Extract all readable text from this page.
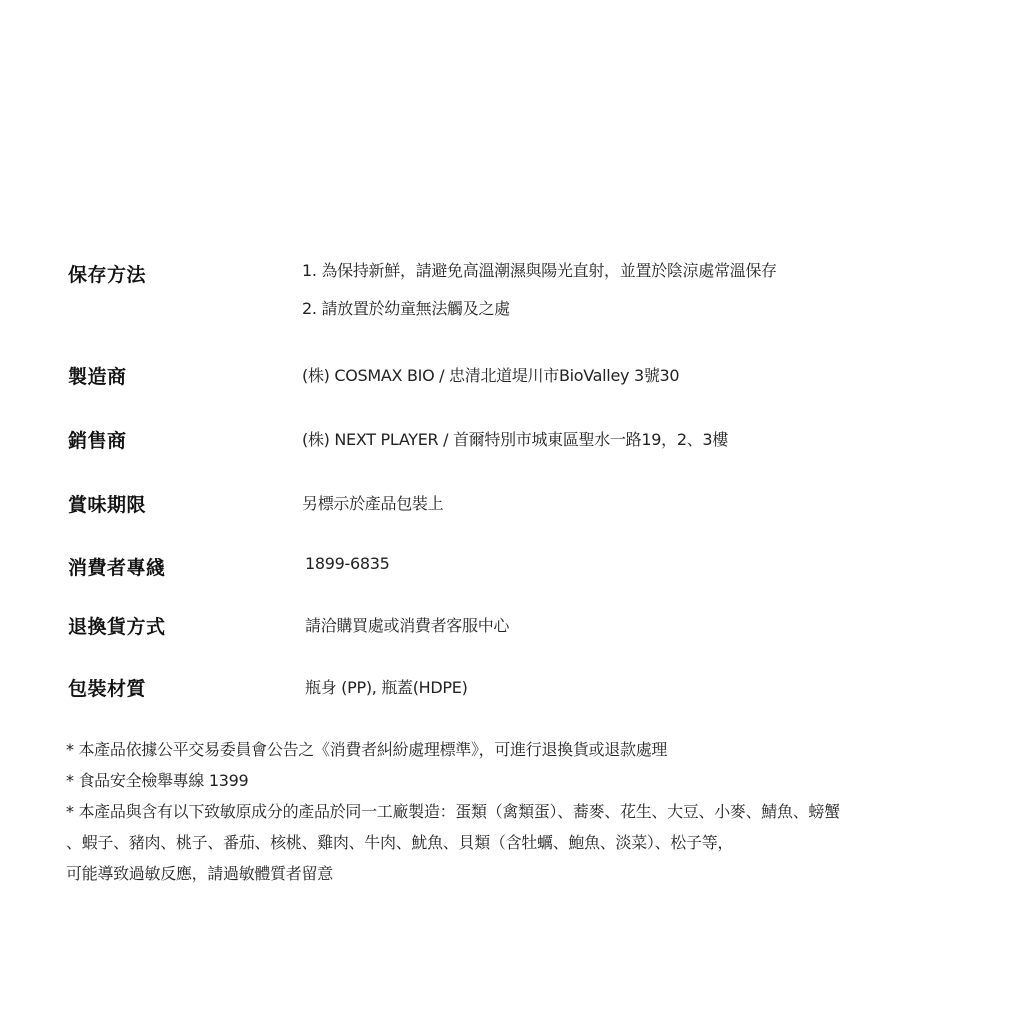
保存方法	1. 為保持新鮮，請避免高溫潮濕與陽光直射，並置於陰涼處常溫保存
2. 請放置於幼童無法觸及之處
製造商	(株) COSMAX BIO / 忠清北道堤川市BioValley 3號30
銷售商	(株) NEXT PLAYER / 首爾特別市城東區聖水一路19，2、3樓
賞味期限	另標示於產品包裝上
消費者專綫	1899-6835
退換貨方式	請洽購買處或消費者客服中心
包裝材質	瓶身 (PP), 瓶蓋(HDPE)
* 本產品依據公平交易委員會公告之《消費者糾紛處理標準》，可進行退換貨或退款處理
* 食品安全檢舉專線 1399
* 本產品與含有以下致敏原成分的產品於同一工廠製造：蛋類（禽類蛋）、蕎麥、花生、大豆、小麥、鯖魚、螃蟹
、蝦子、豬肉、桃子、番茄、核桃、雞肉、牛肉、魷魚、貝類（含牡蠣、鮑魚、淡菜）、松子等，
可能導致過敏反應，請過敏體質者留意
